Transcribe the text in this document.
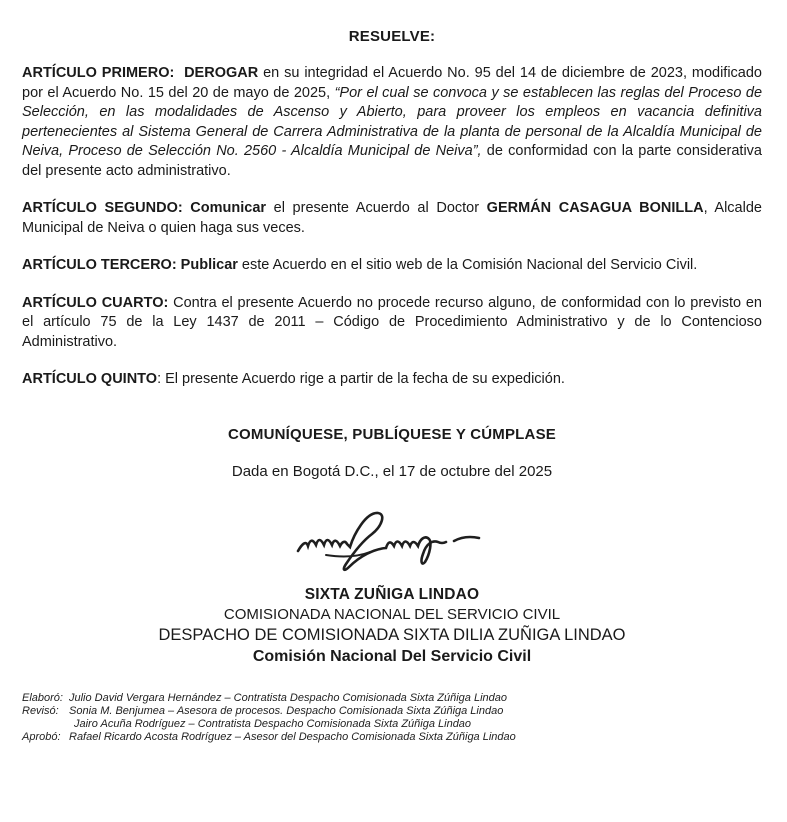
RESUELVE:

ARTÍCULO PRIMERO:  DEROGAR en su integridad el Acuerdo No. 95 del 14 de diciembre de 2023, modificado por el Acuerdo No. 15 del 20 de mayo de 2025, “Por el cual se convoca y se establecen las reglas del Proceso de Selección, en las modalidades de Ascenso y Abierto, para proveer los empleos en vacancia definitiva pertenecientes al Sistema General de Carrera Administrativa de la planta de personal de la Alcaldía Municipal de Neiva, Proceso de Selección No. 2560 - Alcaldía Municipal de Neiva”, de conformidad con la parte considerativa del presente acto administrativo.

ARTÍCULO SEGUNDO: Comunicar el presente Acuerdo al Doctor GERMÁN CASAGUA BONILLA, Alcalde Municipal de Neiva o quien haga sus veces.

ARTÍCULO TERCERO: Publicar este Acuerdo en el sitio web de la Comisión Nacional del Servicio Civil.

ARTÍCULO CUARTO: Contra el presente Acuerdo no procede recurso alguno, de conformidad con lo previsto en el artículo 75 de la Ley 1437 de 2011 – Código de Procedimiento Administrativo y de lo Contencioso Administrativo.

ARTÍCULO QUINTO: El presente Acuerdo rige a partir de la fecha de su expedición.

COMUNÍQUESE, PUBLÍQUESE Y CÚMPLASE
Dada en Bogotá D.C., el 17 de octubre del 2025
SIXTA ZUÑIGA LINDAO
COMISIONADA NACIONAL DEL SERVICIO CIVIL
DESPACHO DE COMISIONADA SIXTA DILIA ZUÑIGA LINDAO
Comisión Nacional Del Servicio Civil
Elaboró: Julio David Vergara Hernández – Contratista Despacho Comisionada Sixta Zúñiga Lindao
Revisó: Sonia M. Benjumea – Asesora de procesos. Despacho Comisionada Sixta Zúñiga Lindao
Jairo Acuña Rodríguez – Contratista Despacho Comisionada Sixta Zúñiga Lindao
Aprobó: Rafael Ricardo Acosta Rodríguez – Asesor del Despacho Comisionada Sixta Zúñiga Lindao
